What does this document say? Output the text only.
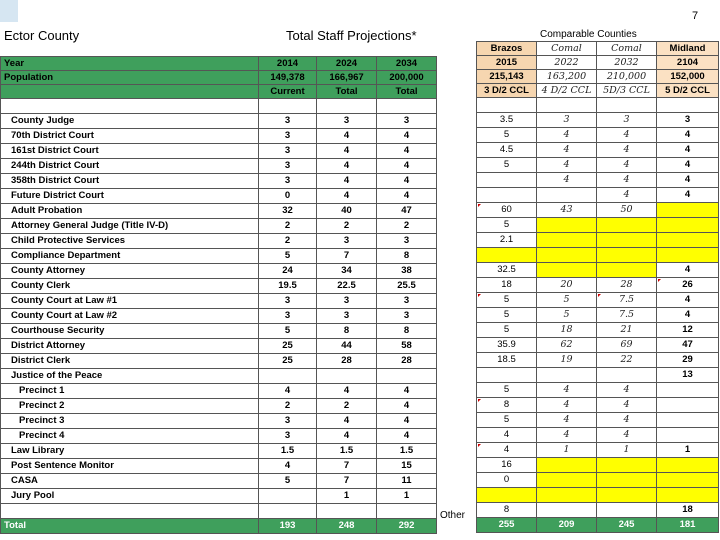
7
Ector County	Total Staff Projections*	Comparable Counties
Year	2014	2024	2034
Population	149,378	166,967	200,000
	Current	Total	Total

County Judge	3	3	3
70th District Court	3	4	4
161st District Court	3	4	4
244th District Court	3	4	4
358th District Court	3	4	4
Future District Court	0	4	4
Adult Probation	32	40	47
Attorney General Judge (Title IV-D)	2	2	2
Child Protective Services	2	3	3
Compliance Department	5	7	8
County Attorney	24	34	38
County Clerk	19.5	22.5	25.5
County Court at Law #1	3	3	3
County Court at Law #2	3	3	3
Courthouse Security	5	8	8
District Attorney	25	44	58
District Clerk	25	28	28
Justice of the Peace			
Precinct 1	4	4	4
Precinct 2	2	2	4
Precinct 3	3	4	4
Precinct 4	3	4	4
Law Library	1.5	1.5	1.5
Post Sentence Monitor	4	7	15
CASA	5	7	11
Jury Pool		1	1

Total	193	248	292
Brazos	Comal	Comal	Midland
2015	2022	2032	2104
215,143	163,200	210,000	152,000
3 D/2 CCL	4 D/2 CCL	5D/3 CCL	5 D/2 CCL

3.5	3	3	3
5	4	4	4
4.5	4	4	4
5	4	4	4
	4	4	4
		4	4
60	43	50	
5			
2.1			

32.5			4
18	20	28	26
5	5	7.5	4
5	5	7.5	4
5	18	21	12
35.9	62	69	47
18.5	19	22	29
			13
5	4	4	
8	4	4	
5	4	4	
4	4	4	
4	1	1	1
16			
0			

8			18
255	209	245	181
Other
